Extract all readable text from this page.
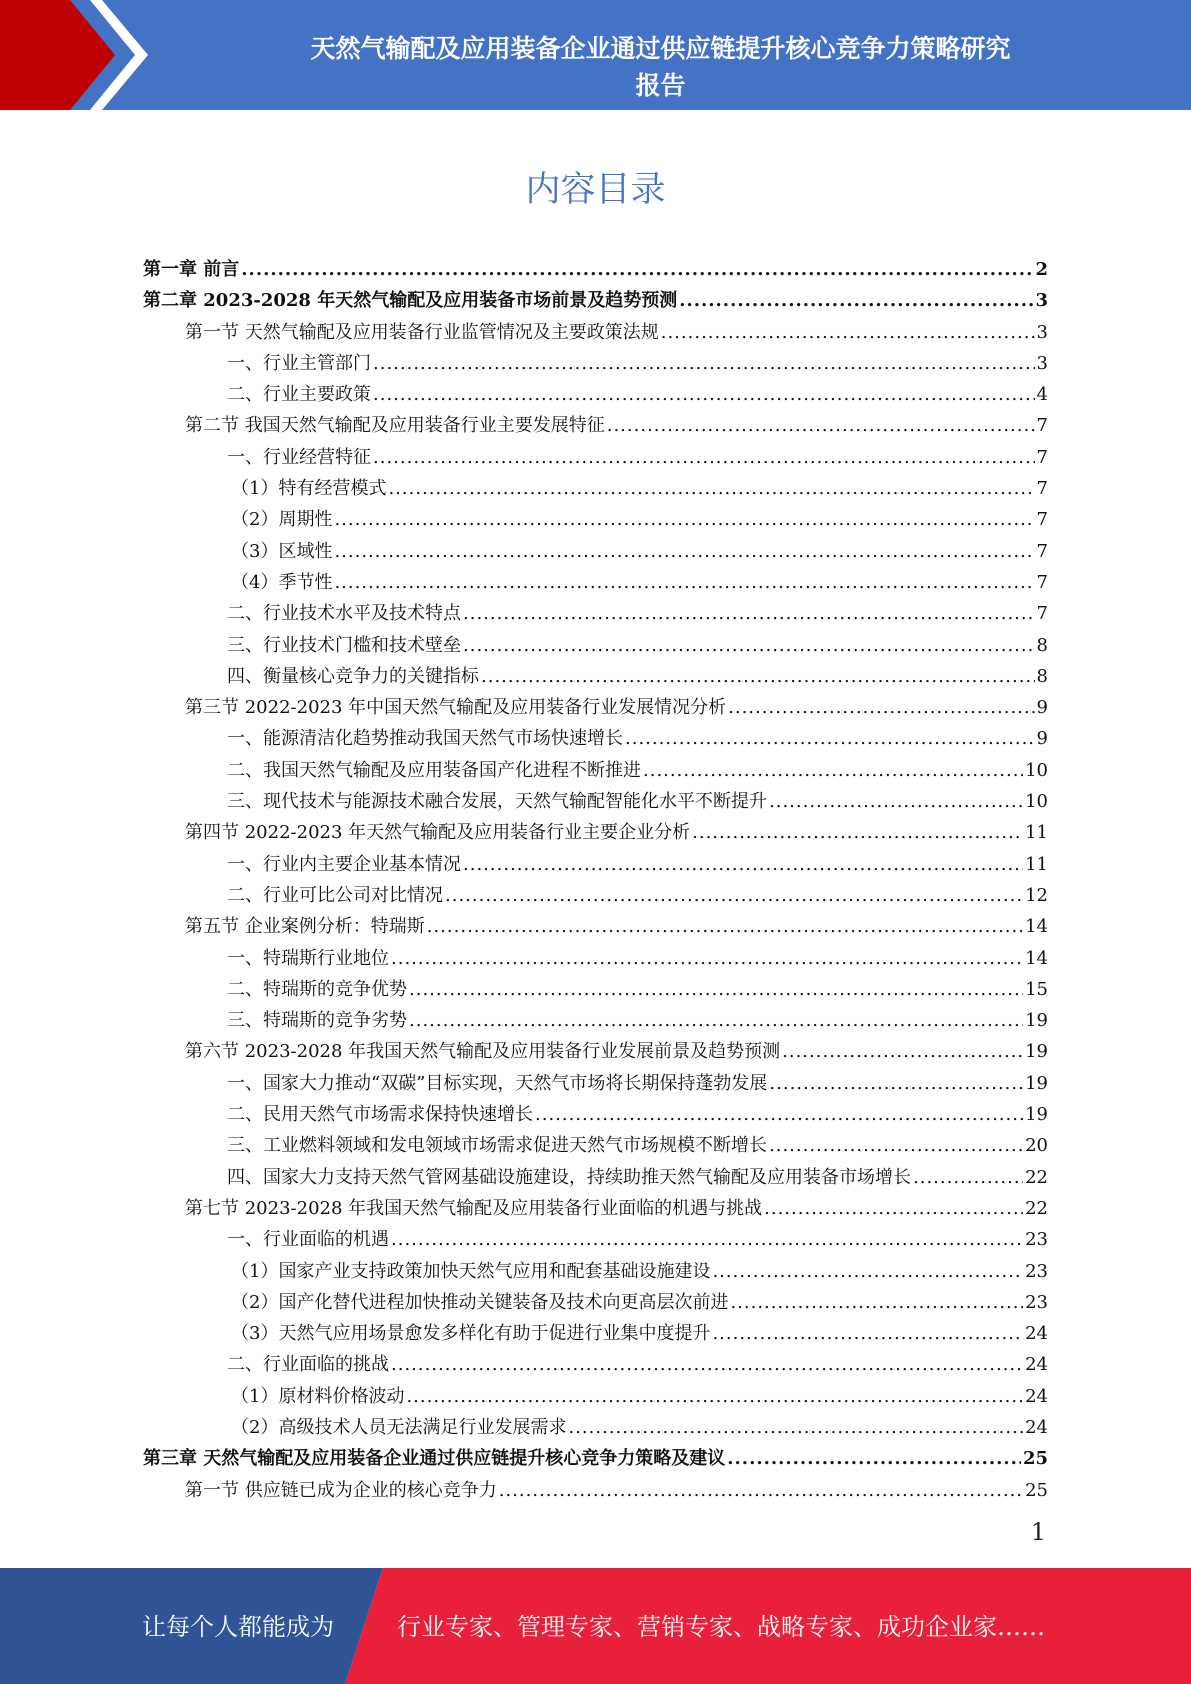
天然气输配及应用装备企业通过供应链提升核心竞争力策略研究
报告
内容目录
第一章 前言 .....	2
第二章 2023-2028 年天然气输配及应用装备市场前景及趋势预测 .....	3
第一节 天然气输配及应用装备行业监管情况及主要政策法规 .....	3
一、行业主管部门 .....	3
二、行业主要政策 .....	4
第二节 我国天然气输配及应用装备行业主要发展特征 .....	7
一、行业经营特征 .....	7
（1）特有经营模式 .....	7
（2）周期性 .....	7
（3）区域性 .....	7
（4）季节性 .....	7
二、行业技术水平及技术特点 .....	7
三、行业技术门槛和技术壁垒 .....	8
四、衡量核心竞争力的关键指标 .....	8
第三节 2022-2023 年中国天然气输配及应用装备行业发展情况分析 .....	9
一、能源清洁化趋势推动我国天然气市场快速增长 .....	9
二、我国天然气输配及应用装备国产化进程不断推进 .....	10
三、现代技术与能源技术融合发展，天然气输配智能化水平不断提升 .....	10
第四节 2022-2023 年天然气输配及应用装备行业主要企业分析 .....	11
一、行业内主要企业基本情况 .....	11
二、行业可比公司对比情况 .....	12
第五节 企业案例分析：特瑞斯 .....	14
一、特瑞斯行业地位 .....	14
二、特瑞斯的竞争优势 .....	15
三、特瑞斯的竞争劣势 .....	19
第六节 2023-2028 年我国天然气输配及应用装备行业发展前景及趋势预测 .....	19
一、国家大力推动“双碳”目标实现，天然气市场将长期保持蓬勃发展 .....	19
二、民用天然气市场需求保持快速增长 .....	19
三、工业燃料领域和发电领域市场需求促进天然气市场规模不断增长 .....	20
四、国家大力支持天然气管网基础设施建设，持续助推天然气输配及应用装备市场增长 .....	22
第七节 2023-2028 年我国天然气输配及应用装备行业面临的机遇与挑战 .....	22
一、行业面临的机遇 .....	23
（1）国家产业支持政策加快天然气应用和配套基础设施建设 .....	23
（2）国产化替代进程加快推动关键装备及技术向更高层次前进 .....	23
（3）天然气应用场景愈发多样化有助于促进行业集中度提升 .....	24
二、行业面临的挑战 .....	24
（1）原材料价格波动 .....	24
（2）高级技术人员无法满足行业发展需求 .....	24
第三章 天然气输配及应用装备企业通过供应链提升核心竞争力策略及建议 .....	25
第一节 供应链已成为企业的核心竞争力 .....	25
1
让每个人都能成为	行业专家、管理专家、营销专家、战略专家、成功企业家……
